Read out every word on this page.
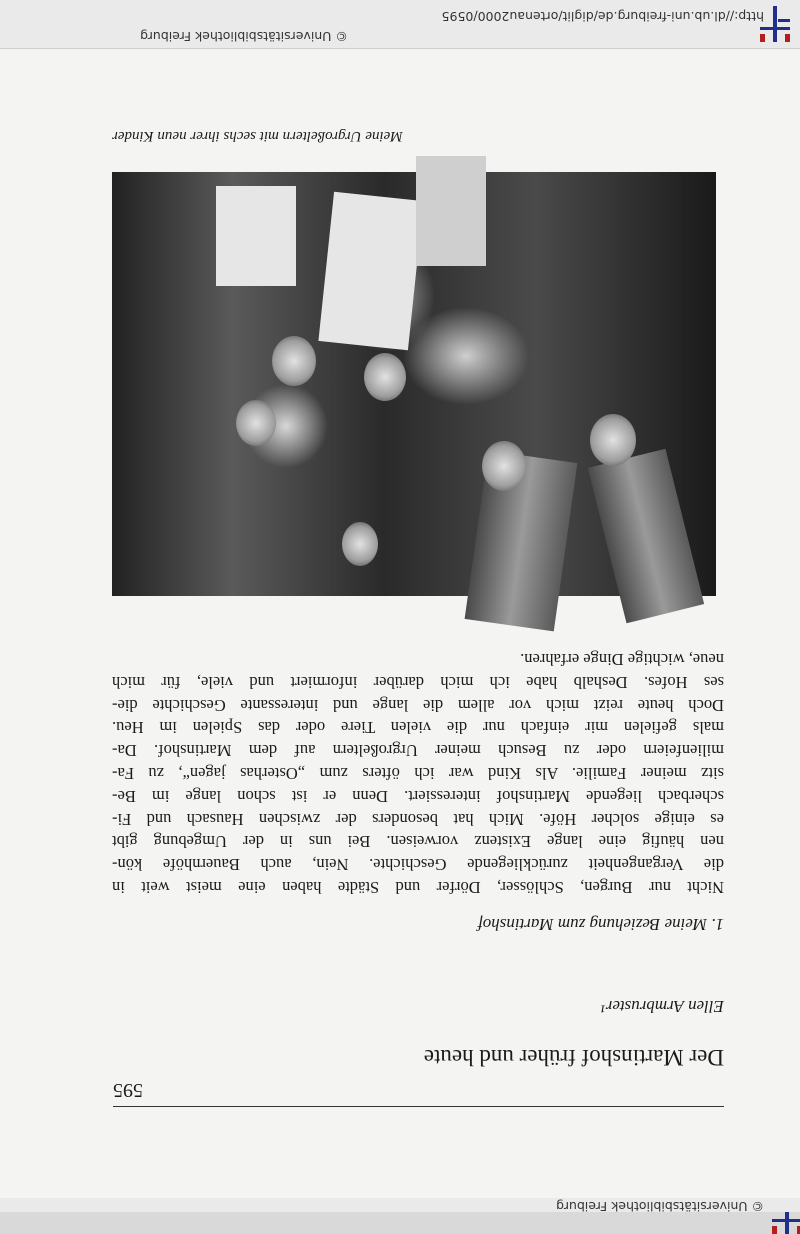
© Universitätsbibliothek Freiburg
595
Der Martinshof früher und heute
Ellen Armbruster¹
1. Meine Beziehung zum Martinshof
Nicht nur Burgen, Schlösser, Dörfer und Städte haben eine meist weit in
die Vergangenheit zurückliegende Geschichte. Nein, auch Bauernhöfe kön-
nen häufig eine lange Existenz vorweisen. Bei uns in der Umgebung gibt
es einige solcher Höfe. Mich hat besonders der zwischen Hausach und Fi-
scherbach liegende Martinshof interessiert. Denn er ist schon lange im Be-
sitz meiner Familie. Als Kind war ich öfters zum „Osterhas jagen“, zu Fa-
milienfeiern oder zu Besuch meiner Urgroßeltern auf dem Martinshof. Da-
mals gefielen mir einfach nur die vielen Tiere oder das Spielen im Heu.
Doch heute reizt mich vor allem die lange und interessante Geschichte die-
ses Hofes. Deshalb habe ich mich darüber informiert und viele, für mich
neue, wichtige Dinge erfahren.
Meine Urgroßeltern mit sechs ihrer neun Kinder
© Universitätsbibliothek Freiburg
http://dl.ub.uni-freiburg.de/diglit/ortenau2000/0595
